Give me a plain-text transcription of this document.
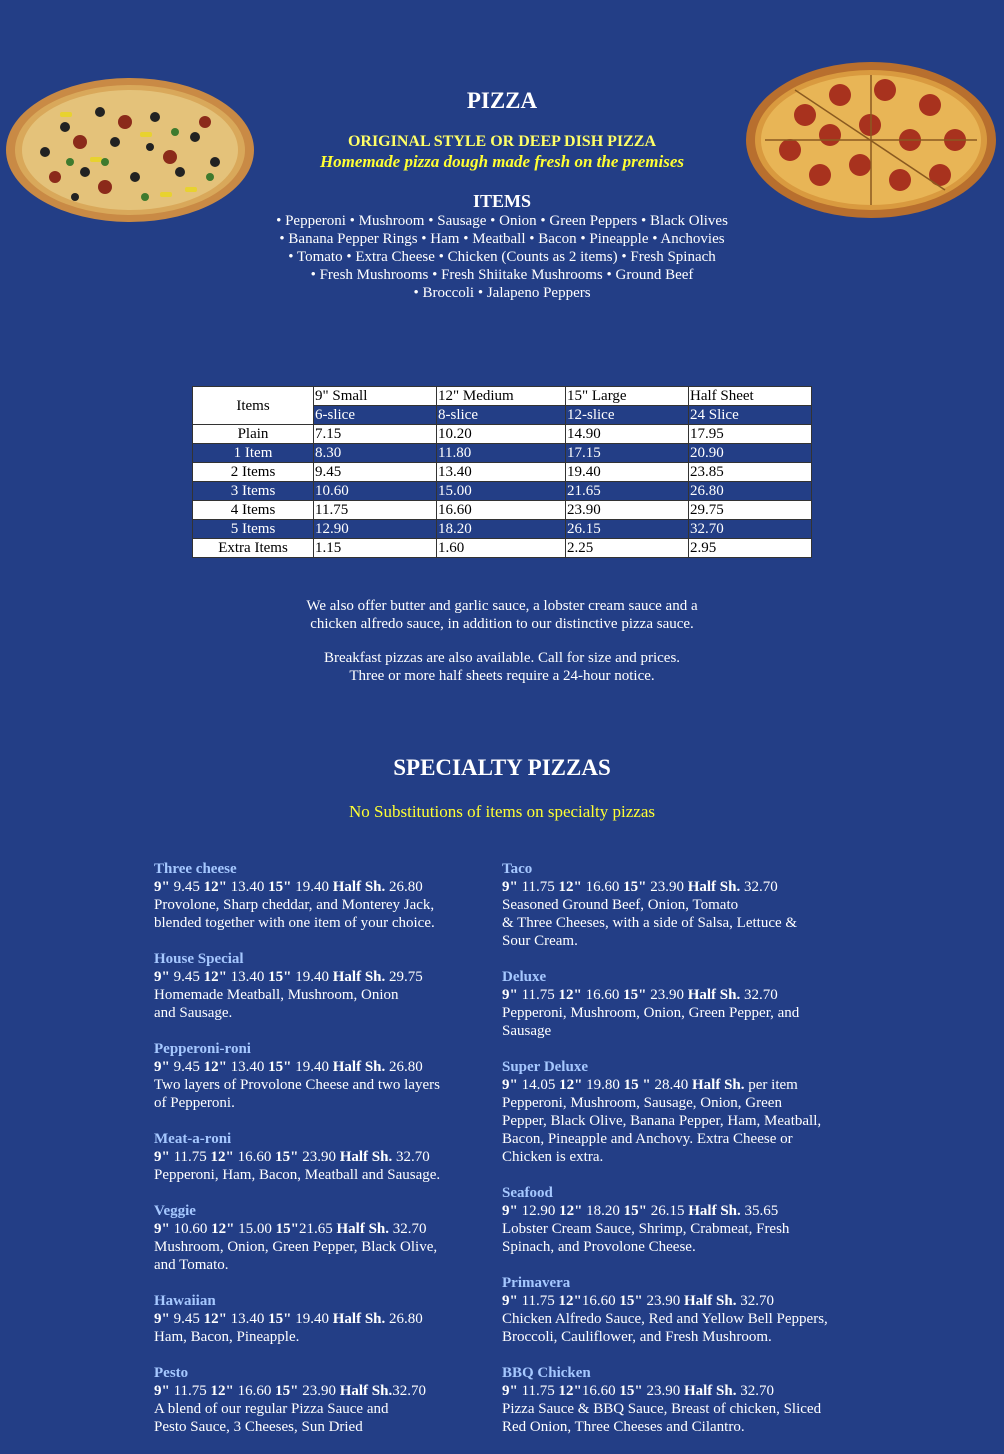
PIZZA
ORIGINAL STYLE OR DEEP DISH PIZZA
Homemade pizza dough made fresh on the premises
ITEMS
• Pepperoni • Mushroom • Sausage • Onion • Green Peppers • Black Olives
• Banana Pepper Rings • Ham • Meatball • Bacon • Pineapple • Anchovies
• Tomato • Extra Cheese • Chicken (Counts as 2 items) • Fresh Spinach
• Fresh Mushrooms • Fresh Shiitake Mushrooms • Ground Beef
• Broccoli • Jalapeno Peppers
Items	9" Small	12" Medium	15" Large	Half Sheet
	6-slice	8-slice	12-slice	24 Slice
Plain	7.15	10.20	14.90	17.95
1 Item	8.30	11.80	17.15	20.90
2 Items	9.45	13.40	19.40	23.85
3 Items	10.60	15.00	21.65	26.80
4 Items	11.75	16.60	23.90	29.75
5 Items	12.90	18.20	26.15	32.70
Extra Items	1.15	1.60	2.25	2.95
We also offer butter and garlic sauce, a lobster cream sauce and a
chicken alfredo sauce, in addition to our distinctive pizza sauce.
Breakfast pizzas are also available. Call for size and prices.
Three or more half sheets require a 24-hour notice.
SPECIALTY PIZZAS
No Substitutions of items on specialty pizzas
Three cheese
9" 9.45 12" 13.40 15" 19.40 Half Sh. 26.80
Provolone, Sharp cheddar, and Monterey Jack,
blended together with one item of your choice.
House Special
9" 9.45 12" 13.40 15" 19.40 Half Sh. 29.75
Homemade Meatball, Mushroom, Onion
and Sausage.
Pepperoni-roni
9" 9.45 12" 13.40 15" 19.40 Half Sh. 26.80
Two layers of Provolone Cheese and two layers
of Pepperoni.
Meat-a-roni
9" 11.75 12" 16.60 15" 23.90 Half Sh. 32.70
Pepperoni, Ham, Bacon, Meatball and Sausage.
Veggie
9" 10.60 12" 15.00 15"21.65 Half Sh. 32.70
Mushroom, Onion, Green Pepper, Black Olive,
and Tomato.
Hawaiian
9" 9.45 12" 13.40 15" 19.40 Half Sh. 26.80
Ham, Bacon, Pineapple.
Pesto
9" 11.75 12" 16.60 15" 23.90 Half Sh.32.70
A blend of our regular Pizza Sauce and
Pesto Sauce, 3 Cheeses, Sun Dried
Taco
9" 11.75 12" 16.60 15" 23.90 Half Sh. 32.70
Seasoned Ground Beef, Onion, Tomato
& Three Cheeses, with a side of Salsa, Lettuce &
Sour Cream.
Deluxe
9" 11.75 12" 16.60 15" 23.90 Half Sh. 32.70
Pepperoni, Mushroom, Onion, Green Pepper, and
Sausage
Super Deluxe
9" 14.05 12" 19.80 15 " 28.40 Half Sh. per item
Pepperoni, Mushroom, Sausage, Onion, Green
Pepper, Black Olive, Banana Pepper, Ham, Meatball,
Bacon, Pineapple and Anchovy. Extra Cheese or
Chicken is extra.
Seafood
9" 12.90 12" 18.20 15" 26.15 Half Sh. 35.65
Lobster Cream Sauce, Shrimp, Crabmeat, Fresh
Spinach, and Provolone Cheese.
Primavera
9" 11.75 12"16.60 15" 23.90 Half Sh. 32.70
Chicken Alfredo Sauce, Red and Yellow Bell Peppers,
Broccoli, Cauliflower, and Fresh Mushroom.
BBQ Chicken
9" 11.75 12"16.60 15" 23.90 Half Sh. 32.70
Pizza Sauce & BBQ Sauce, Breast of chicken, Sliced
Red Onion, Three Cheeses and Cilantro.
